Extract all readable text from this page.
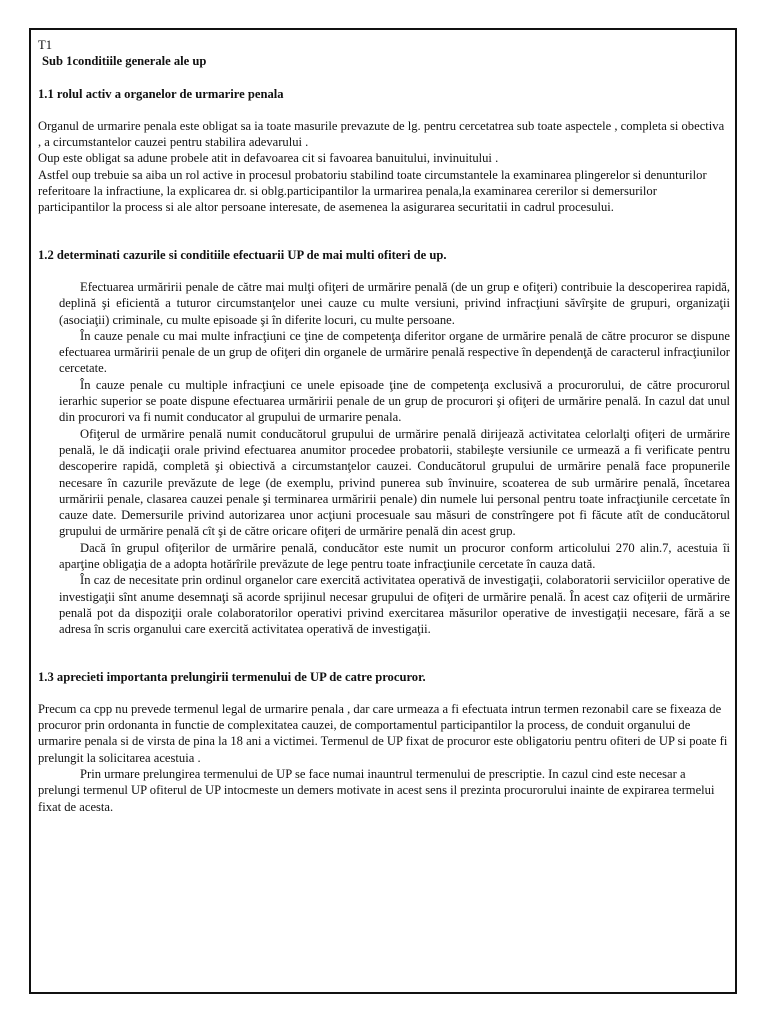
T1

Sub 1conditiile generale ale up

1.1 rolul activ a organelor de urmarire penala

Organul de urmarire penala este obligat sa ia toate masurile prevazute de lg. pentru cercetatrea sub toate aspectele , completa si obectiva , a circumstantelor cauzei pentru stabilira adevarului .

Oup este obligat sa adune probele atit in defavoarea cit si favoarea banuitului, invinuitului .

Astfel oup trebuie sa aiba un rol active in procesul probatoriu stabilind toate circumstantele la examinarea plingerelor si denunturilor referitoare la infractiune, la explicarea dr. si oblg.participantilor la urmarirea penala,la examinarea cererilor si demersurilor participantilor la process si ale altor persoane interesate, de asemenea la asigurarea securitatii in cadrul procesului.

1.2 determinati cazurile si conditiile efectuarii UP de mai multi ofiteri de up.

Efectuarea urmăririi penale de către mai mulţi ofiţeri de urmărire penală (de un grup e ofiţeri) contribuie la descoperirea rapidă, deplină şi eficientă a tuturor circumstanţelor unei cauze cu multe versiuni, privind infracţiuni săvîrşite de grupuri, organizaţii (asociaţii) criminale, cu multe episoade şi în diferite locuri, cu multe persoane.

În cauze penale cu mai multe infracţiuni ce ţine de competenţa diferitor organe de urmărire penală de către procuror se dispune efectuarea urmăririi penale de un grup de ofiţeri din organele de urmărire penală respective în dependenţă de caracterul infracţiunilor cercetate.

În cauze penale cu multiple infracţiuni ce unele episoade ţine de competenţa exclusivă a procurorului, de către procurorul ierarhic superior se poate dispune efectuarea urmăririi penale de un grup de procurori şi ofiţeri de urmărire penală. In cazul dat unul din procurori va fi numit conducator al grupului de urmarire penala.

Ofiţerul de urmărire penală numit conducătorul grupului de urmărire penală dirijează activitatea celorlalţi ofiţeri de urmărire penală, le dă indicaţii orale privind efectuarea anumitor procedee probatorii, stabileşte versiunile ce urmează a fi verificate pentru descoperire rapidă, completă şi obiectivă a circumstanţelor cauzei. Conducătorul grupului de urmărire penală face propunerile necesare în cazurile prevăzute de lege (de exemplu, privind punerea sub învinuire, scoaterea de sub urmărire penală, încetarea urmăririi penale, clasarea cauzei penale şi terminarea urmăririi penale) din numele lui personal pentru toate infracţiunile cercetate în cauze date. Demersurile privind autorizarea unor acţiuni procesuale sau măsuri de constrîngere pot fi făcute atît de conducătorul grupului de urmărire penală cît şi de către oricare ofiţeri de urmărire penală din acest grup.

Dacă în grupul ofiţerilor de urmărire penală, conducător este numit un procuror conform articolului 270 alin.7, acestuia îi aparţine obligaţia de a adopta hotărîrile prevăzute de lege pentru toate infracţiunile cercetate în cauza dată.

În caz de necesitate prin ordinul organelor care exercită activitatea operativă de investigaţii, colaboratorii serviciilor operative de investigaţii sînt anume desemnaţi să acorde sprijinul necesar grupului de ofiţeri de urmărire penală. În acest caz ofiţerii de urmărire penală pot da dispoziţii orale colaboratorilor operativi privind exercitarea măsurilor operative de investigaţii necesare, fără a se adresa în scris organului care exercită activitatea operativă de investigaţii.

1.3 aprecieti importanta prelungirii termenului de UP de catre procuror.

Precum ca cpp nu prevede termenul legal de urmarire penala , dar care urmeaza a fi efectuata intrun termen rezonabil care se fixeaza de procuror prin ordonanta in functie de complexitatea cauzei, de comportamentul participantilor la process, de conduit organului de urmarire penala si de virsta de pina la 18 ani a victimei. Termenul de UP fixat de procuror este obligatoriu pentru ofiteri de UP si poate fi prelungit la solicitarea acestuia .

Prin urmare prelungirea termenului de UP se face numai inauntrul termenului de prescriptie. In cazul cind este necesar a prelungi termenul UP ofiterul de UP intocmeste un demers motivate in acest sens il prezinta procurorului inainte de expirarea termelui fixat de acesta.
